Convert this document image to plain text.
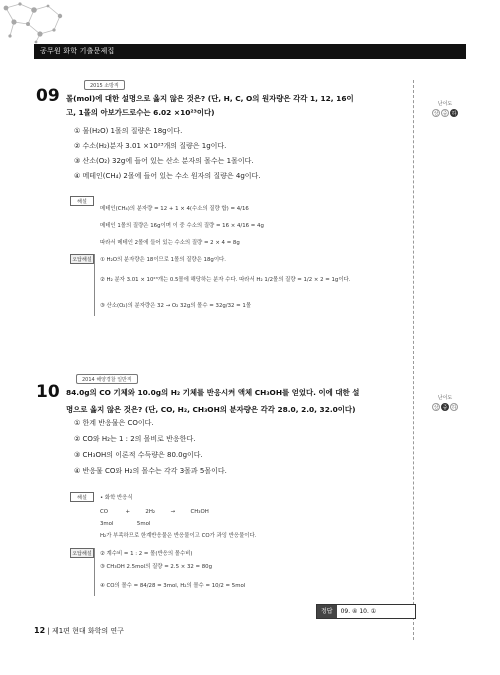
공무원 화학 기출문제집
09	2015 소방직
몰(mol)에 대한 설명으로 옳지 않은 것은? (단, H, C, O의 원자량은 각각 1, 12, 16이
고, 1몰의 아보가드로수는 6.02 ×10²³이다)
① 물(H₂O) 1몰의 질량은 18g이다.
② 수소(H₂)분자 3.01 ×10²³개의 질량은 1g이다.
③ 산소(O₂) 32g에 들어 있는 산소 분자의 몰수는 1몰이다.
④ 메테인(CH₄) 2몰에 들어 있는 수소 원자의 질량은 4g이다.
난이도
상 중 하
해설
메테인(CH₄)의 분자량 = 12 + 1 × 4(수소의 질량 합) = 4/16
메테인 1몰의 질량은 16g이며 이 중 수소의 질량 = 16 × 4/16 = 4g
따라서 메테인 2몰에 들어 있는 수소의 질량 = 2 × 4 = 8g
오답해설	① H₂O의 분자량은 18이므로 1몰의 질량은 18g이다.
② H₂ 분자 3.01 × 10²³개는 0.5몰에 해당하는 분자 수다. 따라서 H₂ 1/2몰의 질량 = 1/2 × 2 = 1g이다.
③ 산소(O₂)의 분자량은 32 → O₂ 32g의 몰수 = 32g/32 = 1몰
10
2014 해양경찰 일반직
84.0g의 CO 기체와 10.0g의 H₂ 기체를 반응시켜 액체 CH₃OH를 얻었다. 이에 대한 설
명으로 옳지 않은 것은? (단, CO, H₂, CH₃OH의 분자량은 각각 28.0, 2.0, 32.0이다)
① 한계 반응물은 CO이다.
② CO와 H₂는 1 : 2의 몰비로 반응한다.
③ CH₃OH의 이론적 수득량은 80.0g이다.
④ 반응물 CO와 H₂의 몰수는 각각 3몰과 5몰이다.
난이도
상 중 하
해설	• 화학 반응식
CO	+	2H₂	→	CH₃OH
3mol	5mol
H₂가 부족하므로 한계반응물은 반응물이고 CO가 과잉 반응물이다.
오답해설	② 계수비 = 1 : 2 = 몰(반응의 몰수비)
③ CH₃OH 2.5mol의 질량 = 2.5 × 32 = 80g
④ CO의 몰수 = 84/28 = 3mol, H₂의 몰수 = 10/2 = 5mol
정답 09. ④ 10. ①
12 | 제1편 현대 화학의 연구
